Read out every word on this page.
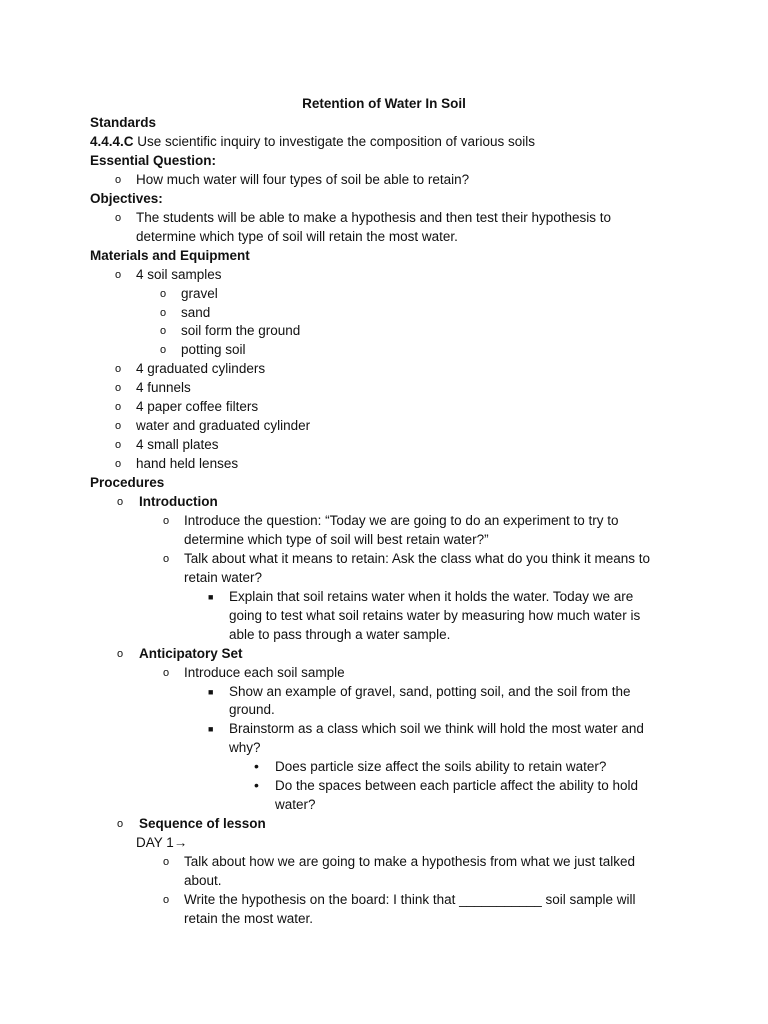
Retention of Water In Soil
Standards
4.4.4.C Use scientific inquiry to investigate the composition of various soils
Essential Question:
o How much water will four types of soil be able to retain?
Objectives:
o The students will be able to make a hypothesis and then test their hypothesis to
determine which type of soil will retain the most water.
Materials and Equipment
o 4 soil samples
o gravel
o sand
o soil form the ground
o potting soil
o 4 graduated cylinders
o 4 funnels
o 4 paper coffee filters
o water and graduated cylinder
o 4 small plates
o hand held lenses
Procedures
o Introduction
o Introduce the question: “Today we are going to do an experiment to try to
determine which type of soil will best retain water?”
o Talk about what it means to retain: Ask the class what do you think it means to
retain water?
■ Explain that soil retains water when it holds the water. Today we are
going to test what soil retains water by measuring how much water is
able to pass through a water sample.
o Anticipatory Set
o Introduce each soil sample
■ Show an example of gravel, sand, potting soil, and the soil from the
ground.
■ Brainstorm as a class which soil we think will hold the most water and
why?
• Does particle size affect the soils ability to retain water?
• Do the spaces between each particle affect the ability to hold
water?
o Sequence of lesson
DAY 1→
o Talk about how we are going to make a hypothesis from what we just talked
about.
o Write the hypothesis on the board: I think that ___________ soil sample will
retain the most water.
